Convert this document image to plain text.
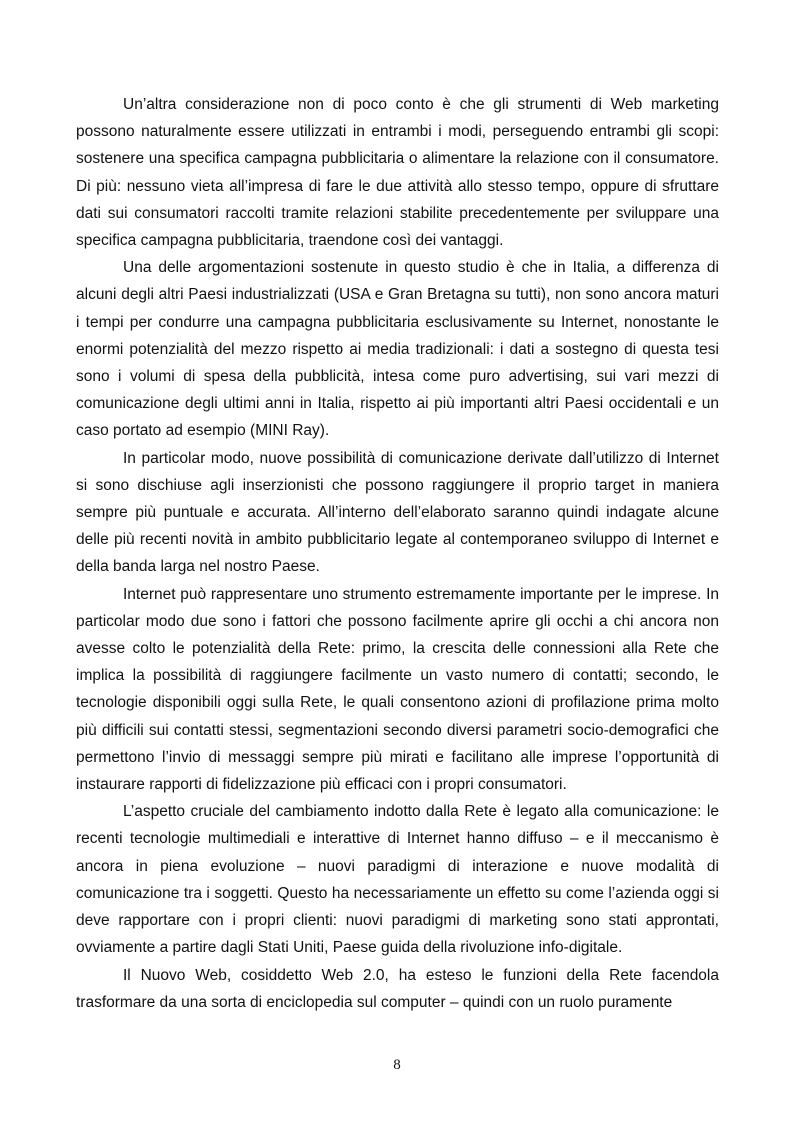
Un’altra considerazione non di poco conto è che gli strumenti di Web marketing possono naturalmente essere utilizzati in entrambi i modi, perseguendo entrambi gli scopi: sostenere una specifica campagna pubblicitaria o alimentare la relazione con il consumatore. Di più: nessuno vieta all’impresa di fare le due attività allo stesso tempo, oppure di sfruttare dati sui consumatori raccolti tramite relazioni stabilite precedentemente per sviluppare una specifica campagna pubblicitaria, traendone così dei vantaggi.

Una delle argomentazioni sostenute in questo studio è che in Italia, a differenza di alcuni degli altri Paesi industrializzati (USA e Gran Bretagna su tutti), non sono ancora maturi i tempi per condurre una campagna pubblicitaria esclusivamente su Internet, nonostante le enormi potenzialità del mezzo rispetto ai media tradizionali: i dati a sostegno di questa tesi sono i volumi di spesa della pubblicità, intesa come puro advertising, sui vari mezzi di comunicazione degli ultimi anni in Italia, rispetto ai più importanti altri Paesi occidentali e un caso portato ad esempio (MINI Ray).

In particolar modo, nuove possibilità di comunicazione derivate dall’utilizzo di Internet si sono dischiuse agli inserzionisti che possono raggiungere il proprio target in maniera sempre più puntuale e accurata. All’interno dell’elaborato saranno quindi indagate alcune delle più recenti novità in ambito pubblicitario legate al contemporaneo sviluppo di Internet e della banda larga nel nostro Paese.

Internet può rappresentare uno strumento estremamente importante per le imprese. In particolar modo due sono i fattori che possono facilmente aprire gli occhi a chi ancora non avesse colto le potenzialità della Rete: primo, la crescita delle connessioni alla Rete che implica la possibilità di raggiungere facilmente un vasto numero di contatti; secondo, le tecnologie disponibili oggi sulla Rete, le quali consentono azioni di profilazione prima molto più difficili sui contatti stessi, segmentazioni secondo diversi parametri socio-demografici che permettono l’invio di messaggi sempre più mirati e facilitano alle imprese l’opportunità di instaurare rapporti di fidelizzazione più efficaci con i propri consumatori.

L’aspetto cruciale del cambiamento indotto dalla Rete è legato alla comunicazione: le recenti tecnologie multimediali e interattive di Internet hanno diffuso – e il meccanismo è ancora in piena evoluzione – nuovi paradigmi di interazione e nuove modalità di comunicazione tra i soggetti. Questo ha necessariamente un effetto su come l’azienda oggi si deve rapportare con i propri clienti: nuovi paradigmi di marketing sono stati approntati, ovviamente a partire dagli Stati Uniti, Paese guida della rivoluzione info-digitale.

Il Nuovo Web, cosiddetto Web 2.0, ha esteso le funzioni della Rete facendola trasformare da una sorta di enciclopedia sul computer – quindi con un ruolo puramente

8
